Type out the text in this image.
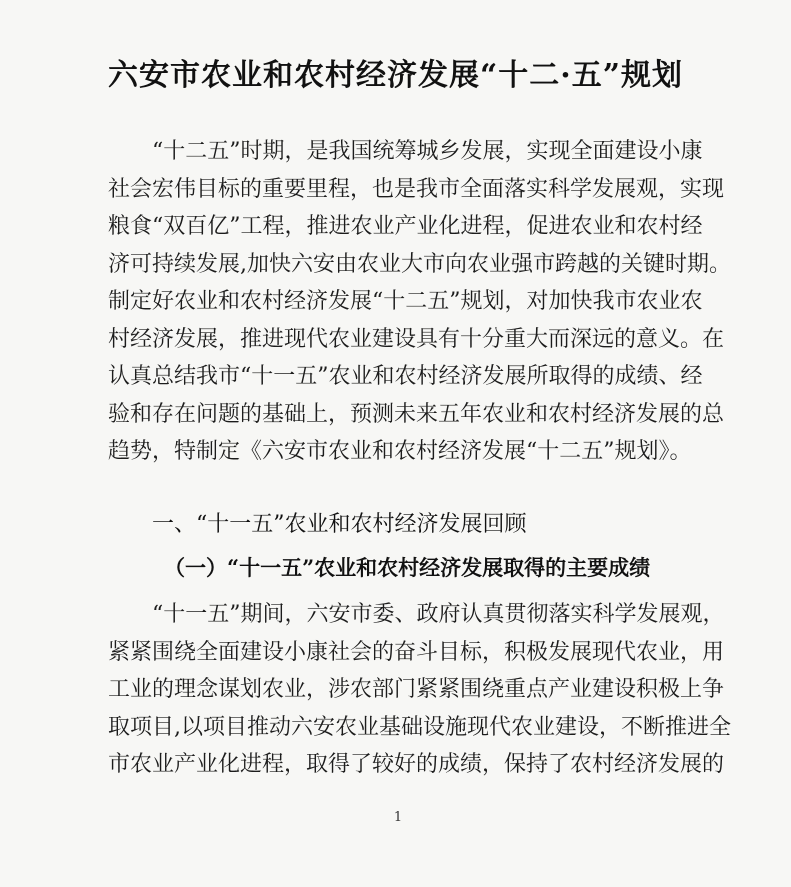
六安市农业和农村经济发展“十二·五”规划
“十二五”时期，是我国统筹城乡发展，实现全面建设小康
社会宏伟目标的重要里程，也是我市全面落实科学发展观，实现
粮食“双百亿”工程，推进农业产业化进程，促进农业和农村经
济可持续发展,加快六安由农业大市向农业强市跨越的关键时期。
制定好农业和农村经济发展“十二五”规划，对加快我市农业农
村经济发展，推进现代农业建设具有十分重大而深远的意义。在
认真总结我市“十一五”农业和农村经济发展所取得的成绩、经
验和存在问题的基础上，预测未来五年农业和农村经济发展的总
趋势，特制定《六安市农业和农村经济发展“十二五”规划》。
一、“十一五”农业和农村经济发展回顾
（一）“十一五”农业和农村经济发展取得的主要成绩
“十一五”期间，六安市委、政府认真贯彻落实科学发展观，
紧紧围绕全面建设小康社会的奋斗目标，积极发展现代农业，用
工业的理念谋划农业，涉农部门紧紧围绕重点产业建设积极上争
取项目,以项目推动六安农业基础设施现代农业建设，不断推进全
市农业产业化进程，取得了较好的成绩，保持了农村经济发展的
1
